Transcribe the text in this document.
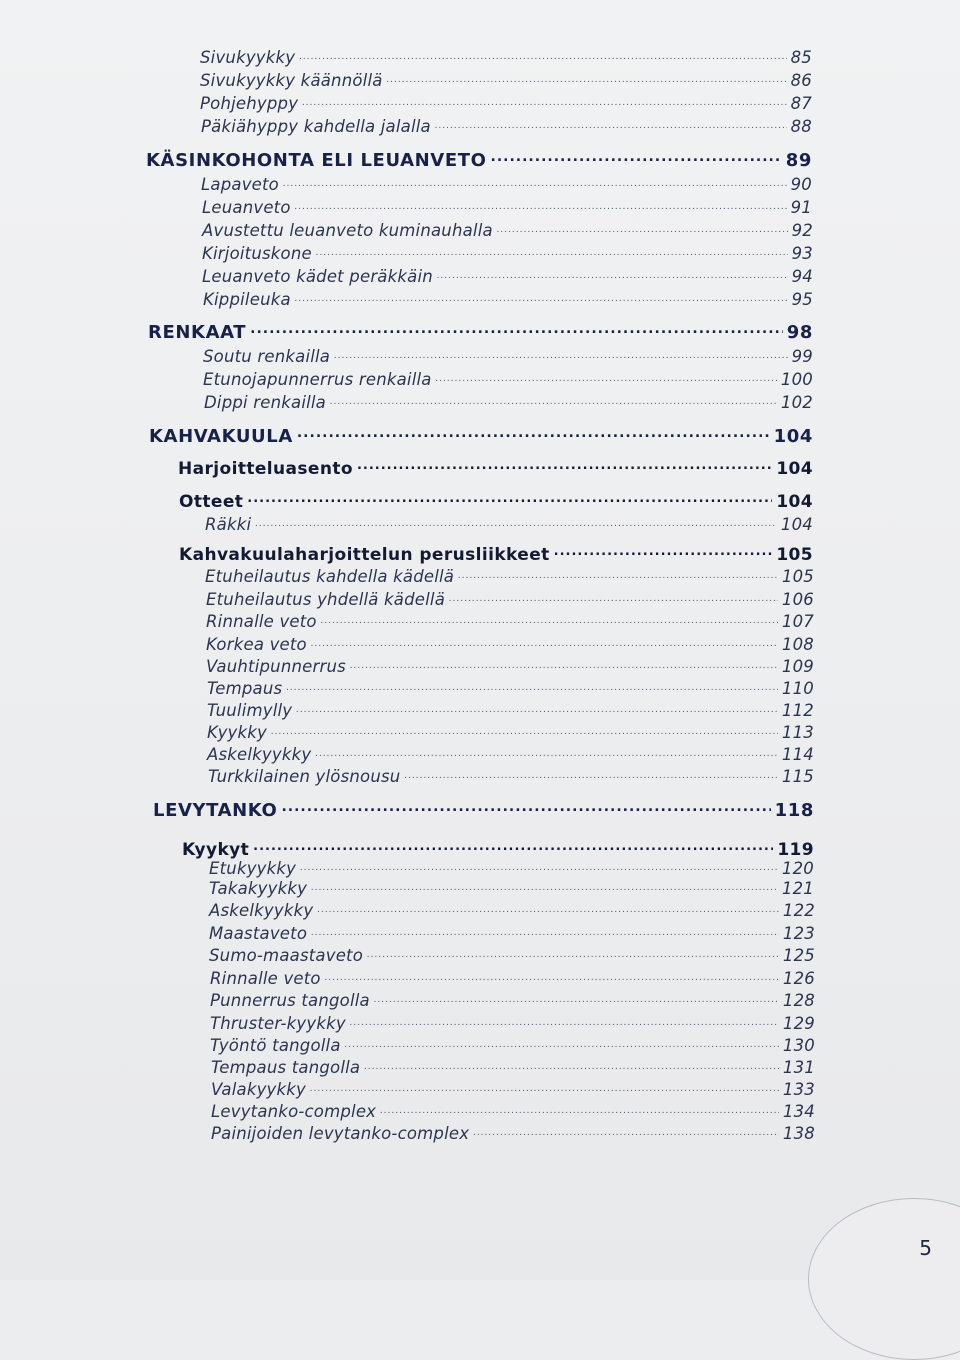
Sivukyykky .....	85
Sivukyykky käännöllä .....	86
Pohjehyppy .....	87
Päkiähyppy kahdella jalalla .....	88
KÄSINKOHONTA ELI LEUANVETO .....	89
Lapaveto .....	90
Leuanveto .....	91
Avustettu leuanveto kuminauhalla .....	92
Kirjoituskone .....	93
Leuanveto kädet peräkkäin .....	94
Kippileuka .....	95
RENKAAT .....	98
Soutu renkailla .....	99
Etunojapunnerrus renkailla .....	100
Dippi renkailla .....	102
KAHVAKUULA .....	104
Harjoitteluasento .....	104
Otteet .....	104
Räkki .....	104
Kahvakuulaharjoittelun perusliikkeet .....	105
Etuheilautus kahdella kädellä .....	105
Etuheilautus yhdellä kädellä .....	106
Rinnalle veto .....	107
Korkea veto .....	108
Vauhtipunnerrus .....	109
Tempaus .....	110
Tuulimylly .....	112
Kyykky .....	113
Askelkyykky .....	114
Turkkilainen ylösnousu .....	115
LEVYTANKO .....	118
Kyykyt .....	119
Etukyykky .....	120
Takakyykky .....	121
Askelkyykky .....	122
Maastaveto .....	123
Sumo-maastaveto .....	125
Rinnalle veto .....	126
Punnerrus tangolla .....	128
Thruster-kyykky .....	129
Työntö tangolla .....	130
Tempaus tangolla .....	131
Valakyykky .....	133
Levytanko-complex .....	134
Painijoiden levytanko-complex .....	138
5
